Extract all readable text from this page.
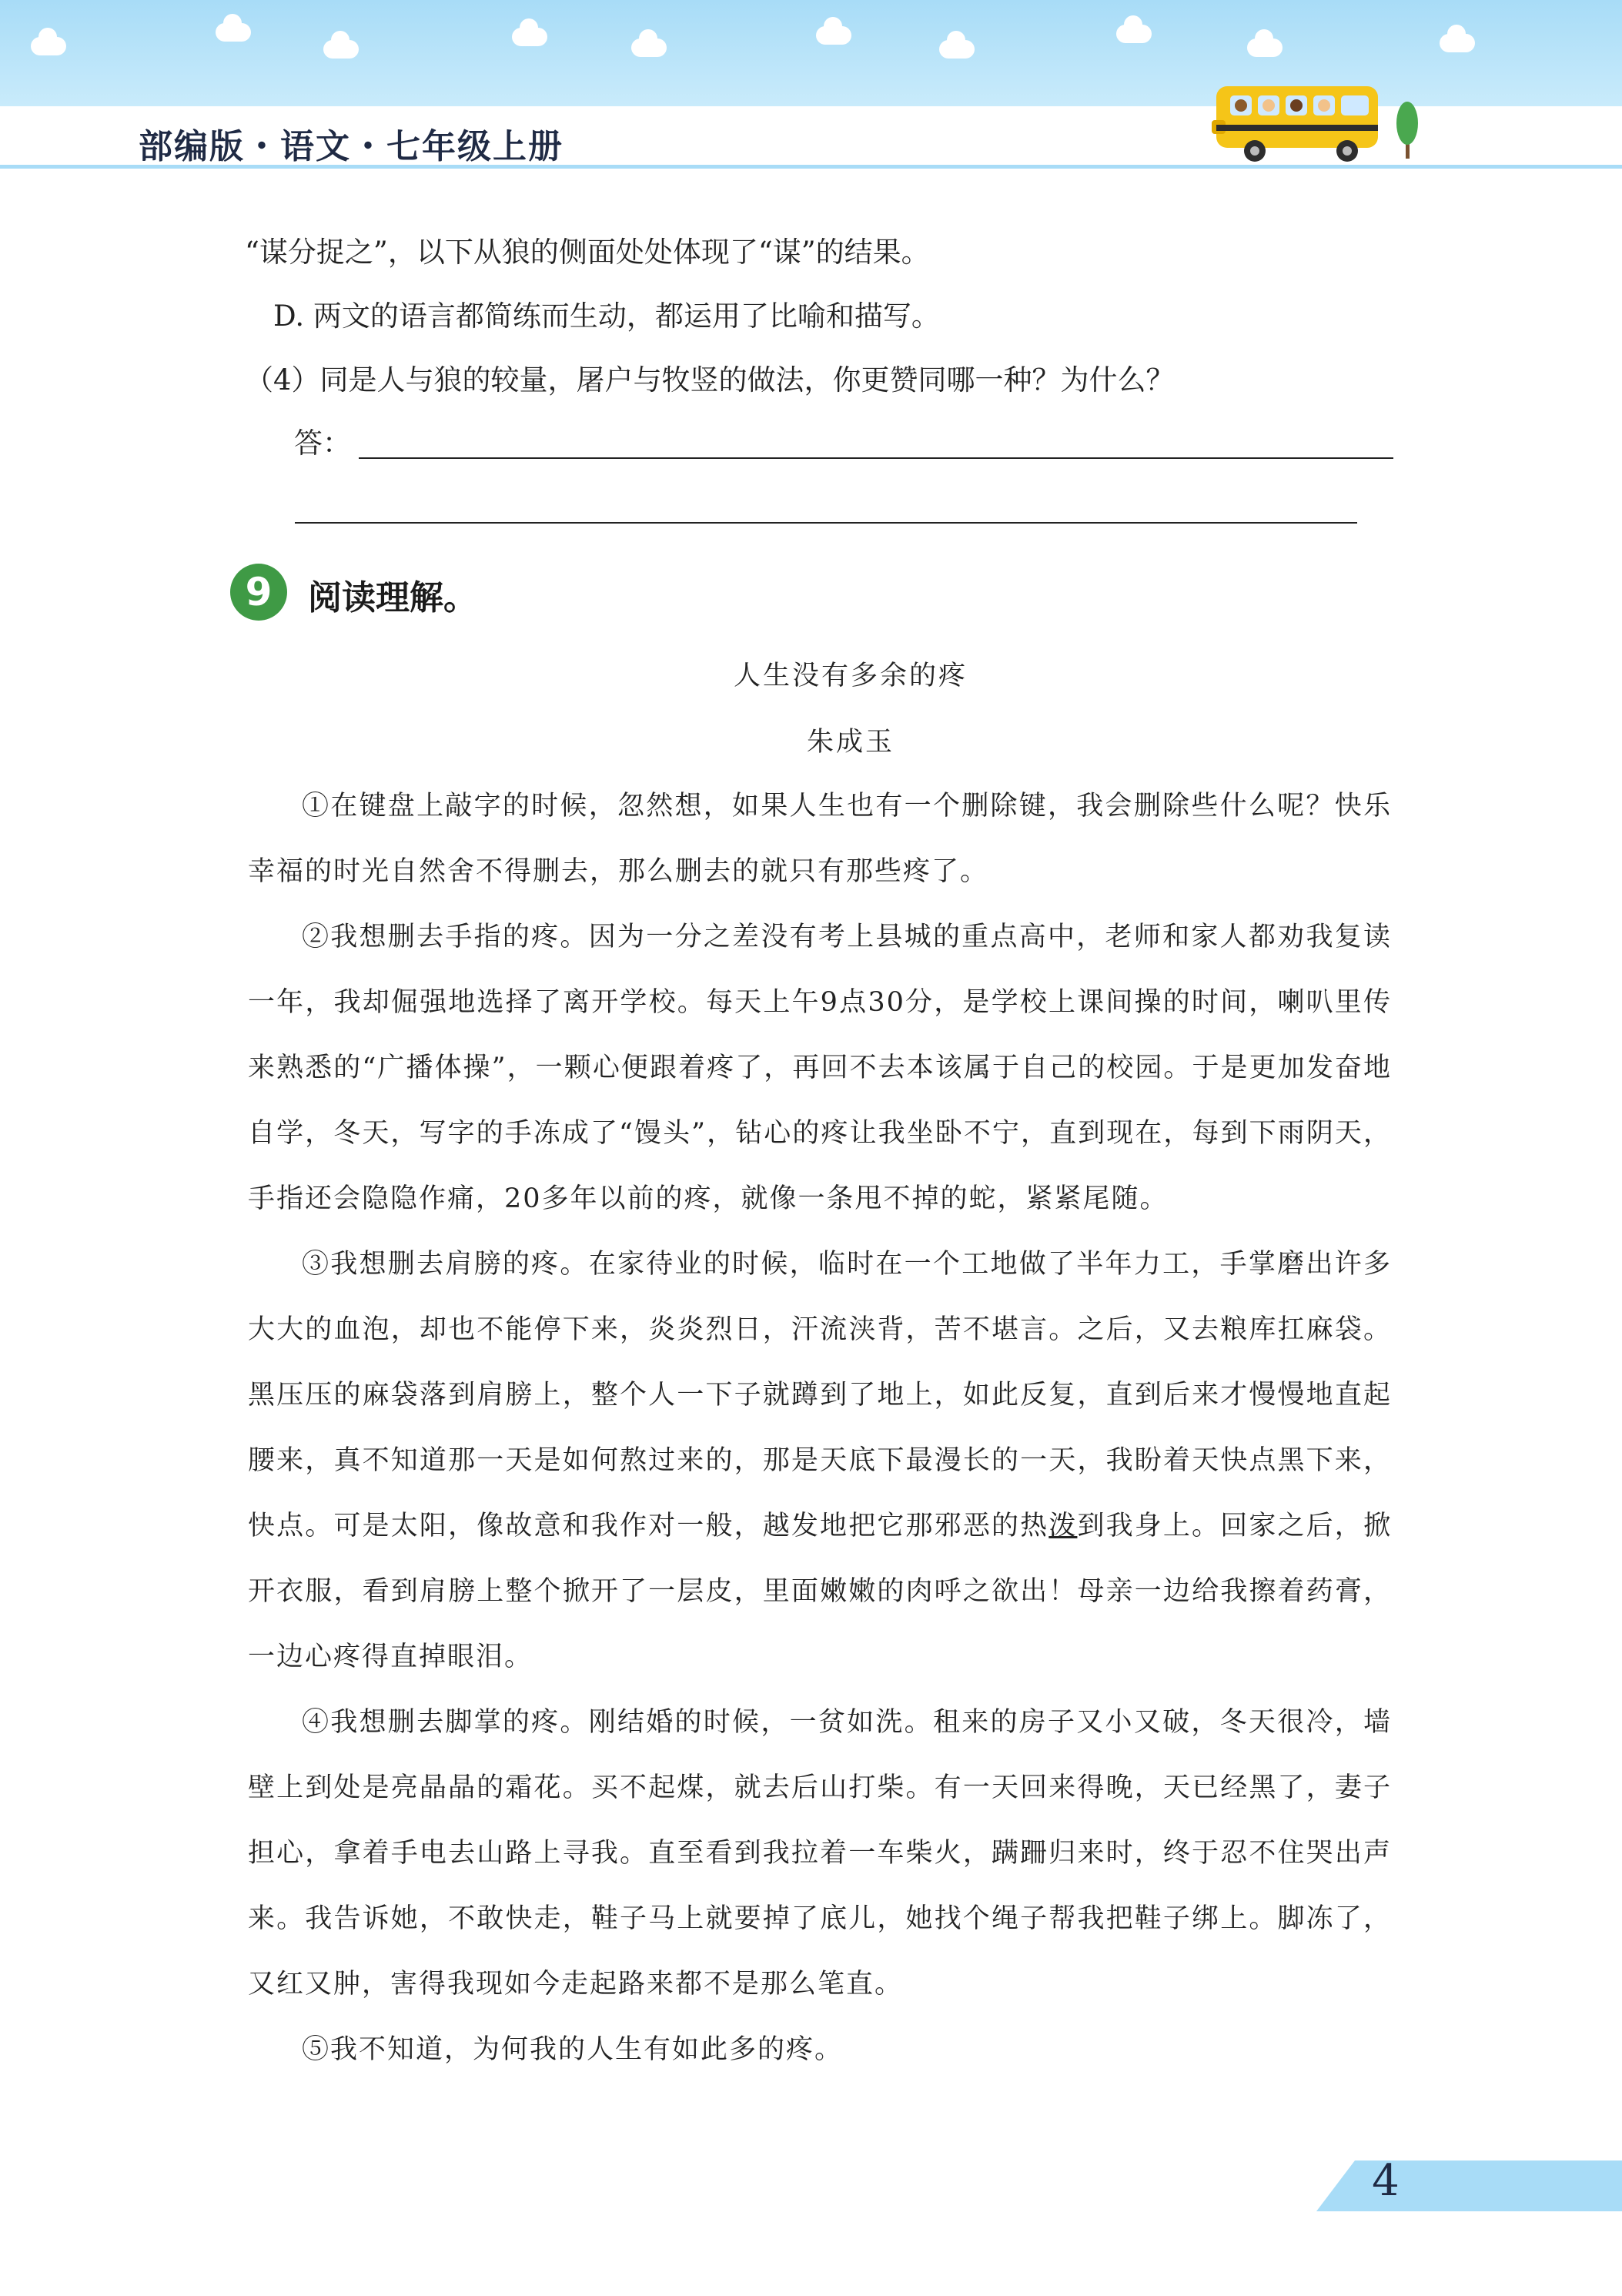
部编版・语文・七年级上册
“谋分捉之”，以下从狼的侧面处处体现了“谋”的结果。
D. 两文的语言都简练而生动，都运用了比喻和描写。
（4）同是人与狼的较量，屠户与牧竖的做法，你更赞同哪一种？为什么？
答：
9	阅读理解。
人生没有多余的疼
朱成玉
①在键盘上敲字的时候，忽然想，如果人生也有一个删除键，我会删除些什么呢？快乐幸福的时光自然舍不得删去，那么删去的就只有那些疼了。
②我想删去手指的疼。因为一分之差没有考上县城的重点高中，老师和家人都劝我复读一年，我却倔强地选择了离开学校。每天上午9点30分，是学校上课间操的时间，喇叭里传来熟悉的“广播体操”，一颗心便跟着疼了，再回不去本该属于自己的校园。于是更加发奋地自学，冬天，写字的手冻成了“馒头”，钻心的疼让我坐卧不宁，直到现在，每到下雨阴天，手指还会隐隐作痛，20多年以前的疼，就像一条甩不掉的蛇，紧紧尾随。
③我想删去肩膀的疼。在家待业的时候，临时在一个工地做了半年力工，手掌磨出许多大大的血泡，却也不能停下来，炎炎烈日，汗流浃背，苦不堪言。之后，又去粮库扛麻袋。黑压压的麻袋落到肩膀上，整个人一下子就蹲到了地上，如此反复，直到后来才慢慢地直起腰来，真不知道那一天是如何熬过来的，那是天底下最漫长的一天，我盼着天快点黑下来，快点。可是太阳，像故意和我作对一般，越发地把它那邪恶的热泼到我身上。回家之后，掀开衣服，看到肩膀上整个掀开了一层皮，里面嫩嫩的肉呼之欲出！母亲一边给我擦着药膏，一边心疼得直掉眼泪。
④我想删去脚掌的疼。刚结婚的时候，一贫如洗。租来的房子又小又破，冬天很冷，墙壁上到处是亮晶晶的霜花。买不起煤，就去后山打柴。有一天回来得晚，天已经黑了，妻子担心，拿着手电去山路上寻我。直至看到我拉着一车柴火，蹒跚归来时，终于忍不住哭出声来。我告诉她，不敢快走，鞋子马上就要掉了底儿，她找个绳子帮我把鞋子绑上。脚冻了，又红又肿，害得我现如今走起路来都不是那么笔直。
⑤我不知道，为何我的人生有如此多的疼。
4
